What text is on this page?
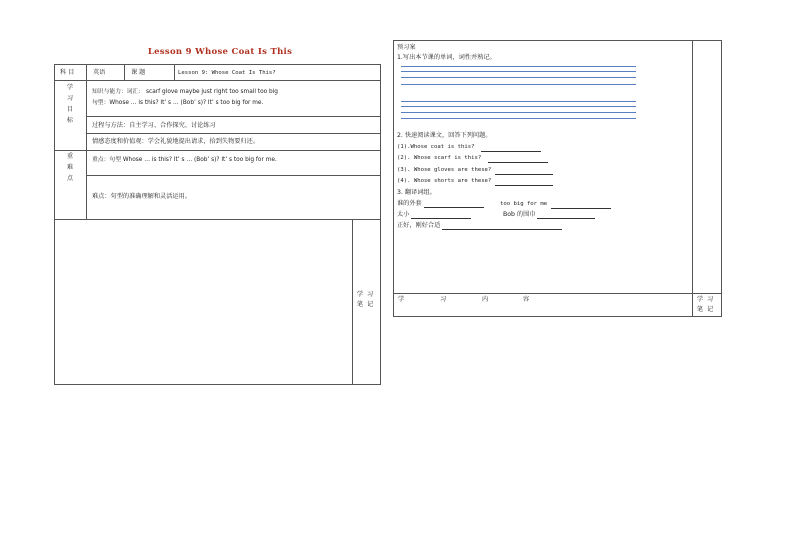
Lesson 9 Whose Coat Is This
科 目	英语	课 题	Lesson 9: Whose Coat Is This?
学习目标
知识与能力：词汇： scarf glove maybe just right too small too big
句型：Whose … is this? It’ s … (Bob’ s)? It’ s too big for me.
过程与方法：自主学习、合作探究、讨论练习
情感态度和价值观：学会礼貌地提出请求，拾到失物要归还。
重难点
重点：句型 Whose … is this? It’ s … (Bob’ s)? It’ s too big for me.
难点：句型的准确理解和灵活运用。
学习笔记
预习案
1.写出本节课的单词，词性并熟记。
2. 快速阅读课文，回答下列问题。
(1).Whose coat is this?
(2). Whose scarf is this?
(3). Whose gloves are these?
(4). Whose shorts are these?
3. 翻译词组。
谁的外套	too big for me
太小	Bob 的围巾
正好，刚好合适
学	习	内	容	学习笔记
